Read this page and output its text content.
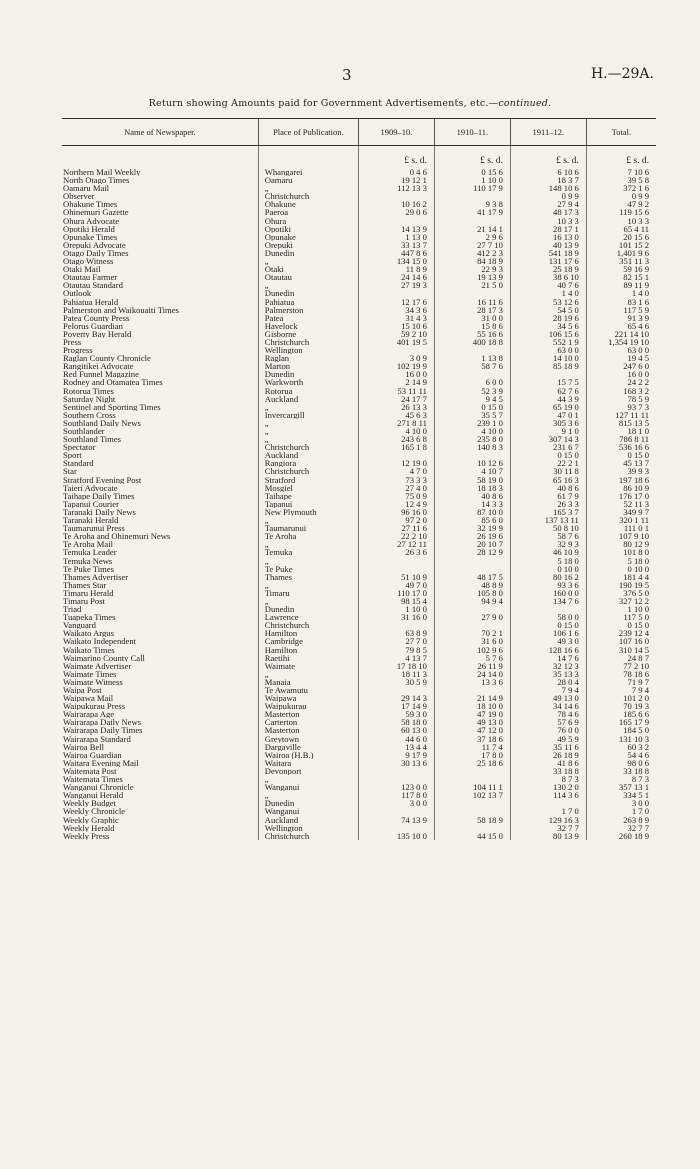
3	H.—29A.
Return showing Amounts paid for Government Advertisements, etc.—continued.
Name of Newspaper.	Place of Publication.	1909–10.	1910–11.	1911–12.	Total.
		£ s. d.	£ s. d.	£ s. d.	£ s. d.
Northern Mail Weekly	Whangarei	0 4 6	0 15 6	6 10 6	7 10 6
North Otago Times	Oamaru	19 12 1	1 10 0	18 3 7	39 5 8
Oamaru Mail	„	112 13 3	110 17 9	148 10 6	372 1 6
Observer	Christchurch			0 9 9	0 9 9
Ohakune Times	Ohakune	10 16 2	9 3 8	27 9 4	47 9 2
Ohinemuri Gazette	Paeroa	29 0 6	41 17 9	48 17 3	119 15 6
Ohura Advocate	Ohura			10 3 3	10 3 3
Opotiki Herald	Opotiki	14 13 9	21 14 1	28 17 1	65 4 11
Opunake Times	Opunake	1 13 0	2 9 6	16 13 0	20 15 6
Orepuki Advocate	Orepuki	33 13 7	27 7 10	40 13 9	101 15 2
Otago Daily Times	Dunedin	447 8 6	412 2 3	541 18 9	1,401 9 6
Otago Witness	„	134 15 0	84 18 9	131 17 6	351 11 3
Otaki Mail	Otaki	11 8 9	22 9 3	25 18 9	59 16 9
Otautau Farmer	Otautau	24 14 6	19 13 9	38 6 10	82 15 1
Otautau Standard	„	27 19 3	21 5 0	40 7 6	89 11 9
Outlook	Dunedin			1 4 0	1 4 0
Pahiatua Herald	Pahiatua	12 17 6	16 11 6	53 12 6	83 1 6
Palmerston and Waikouaiti Times	Palmerston	34 3 6	28 17 3	54 5 0	117 5 9
Patea County Press	Patea	31 4 3	31 0 0	28 19 6	91 3 9
Pelorus Guardian	Havelock	15 10 6	15 8 6	34 5 6	65 4 6
Poverty Bay Herald	Gisborne	59 2 10	55 16 6	106 15 6	221 14 10
Press	Christchurch	401 19 5	400 18 8	552 1 9	1,354 19 10
Progress	Wellington			63 0 0	63 0 0
Raglan County Chronicle	Raglan	3 0 9	1 13 8	14 10 0	19 4 5
Rangitikei Advocate	Marton	102 19 9	58 7 6	85 18 9	247 6 0
Red Funnel Magazine	Dunedin	16 0 0			16 0 0
Rodney and Otamatea Times	Warkworth	2 14 9	6 0 0	15 7 5	24 2 2
Rotorua Times	Rotorua	53 11 11	52 3 9	62 7 6	168 3 2
Saturday Night	Auckland	24 17 7	9 4 5	44 3 9	78 5 9
Sentinel and Sporting Times	„	26 13 3	0 15 0	65 19 0	93 7 3
Southern Cross	Invercargill	45 6 3	35 5 7	47 0 1	127 11 11
Southland Daily News	„	271 8 11	239 1 0	305 3 6	815 13 5
Southlander	„	4 10 0	4 10 0	9 1 0	18 1 0
Southland Times	„	243 6 8	235 8 0	307 14 3	786 8 11
Spectator	Christchurch	165 1 8	140 8 3	231 6 7	536 16 6
Sport	Auckland			0 15 0	0 15 0
Standard	Rangiora	12 19 0	10 12 6	22 2 1	45 13 7
Star	Christchurch	4 7 0	4 10 7	30 11 8	39 9 3
Stratford Evening Post	Stratford	73 3 3	58 19 0	65 16 3	197 18 6
Taieri Advocate	Mosgiel	27 4 0	18 18 3	40 8 6	86 10 9
Taihape Daily Times	Taihape	75 0 9	40 8 6	61 7 9	176 17 0
Tapanui Courier	Tapanui	12 4 9	14 3 3	26 3 3	52 11 3
Taranaki Daily News	New Plymouth	96 16 0	87 10 0	165 3 7	349 9 7
Taranaki Herald	„	97 2 0	85 6 0	137 13 11	320 1 11
Taumarunui Press	Taumarunui	27 11 6	32 19 9	50 8 10	111 0 1
Te Aroha and Ohinemuri News	Te Aroha	22 2 10	26 19 6	58 7 6	107 9 10
Te Aroha Mail	„	27 12 11	20 10 7	32 9 3	80 12 9
Temuka Leader	Temuka	26 3 6	28 12 9	46 10 9	101 8 0
Temuka News	„			5 18 0	5 18 0
Te Puke Times	Te Puke			0 10 0	0 10 0
Thames Advertiser	Thames	51 10 9	48 17 5	80 16 2	181 4 4
Thames Star	„	49 7 0	48 8 9	93 3 6	190 19 5
Timaru Herald	Timaru	110 17 0	105 8 0	160 0 0	376 5 0
Timaru Post	„	98 15 4	94 9 4	134 7 6	327 12 2
Triad	Dunedin	1 10 0			1 10 0
Tuapeka Times	Lawrence	31 16 0	27 9 0	58 0 0	117 5 0
Vanguard	Christchurch			0 15 0	0 15 0
Waikato Argus	Hamilton	63 8 9	70 2 1	106 1 6	239 12 4
Waikato Independent	Cambridge	27 7 0	31 6 0	49 3 0	107 16 0
Waikato Times	Hamilton	79 8 5	102 9 6	128 16 6	310 14 5
Waimarino County Call	Raetihi	4 13 7	5 7 6	14 7 6	24 8 7
Waimate Advertiser	Waimate	17 18 10	26 11 9	32 12 3	77 2 10
Waimate Times	„	18 11 3	24 14 0	35 13 3	78 18 6
Waimate Witness	Manaia	30 5 9	13 3 6	28 0 4	71 9 7
Waipa Post	Te Awamutu			7 9 4	7 9 4
Waipawa Mail	Waipawa	29 14 3	21 14 9	49 13 0	101 2 0
Waipukurau Press	Waipukurau	17 14 9	18 10 0	34 14 6	70 19 3
Wairarapa Age	Masterton	59 3 0	47 19 0	78 4 6	185 6 6
Wairarapa Daily News	Carterton	58 18 0	49 13 0	57 6 9	165 17 9
Wairarapa Daily Times	Masterton	60 13 0	47 12 0	76 0 0	184 5 0
Wairarapa Standard	Greytown	44 6 0	37 18 6	49 5 9	131 10 3
Wairoa Bell	Dargaville	13 4 4	11 7 4	35 11 6	60 3 2
Wairoa Guardian	Wairoa (H.B.)	9 17 9	17 8 0	26 18 9	54 4 6
Waitara Evening Mail	Waitara	30 13 6	25 18 6	41 8 6	98 0 6
Waitemata Post	Devonport			33 18 8	33 18 8
Waitemata Times	„			8 7 3	8 7 3
Wanganui Chronicle	Wanganui	123 0 0	104 11 1	130 2 0	357 13 1
Wanganui Herald	„	117 8 0	102 13 7	114 3 6	334 5 1
Weekly Budget	Dunedin	3 0 0			3 0 0
Weekly Chronicle	Wanganui			1 7 0	1 7 0
Weekly Graphic	Auckland	74 13 9	58 18 9	129 16 3	263 8 9
Weekly Herald	Wellington			32 7 7	32 7 7
Weekly Press	Christchurch	135 10 0	44 15 0	80 13 9	260 18 9
